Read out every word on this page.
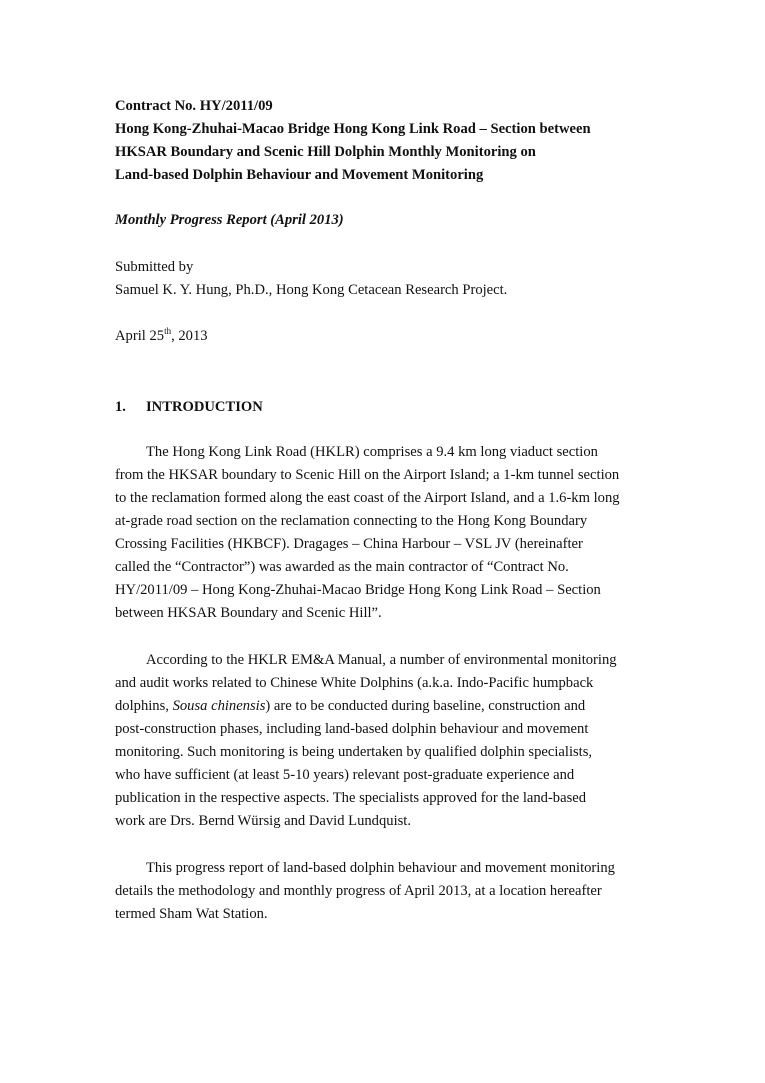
Contract No. HY/2011/09
Hong Kong-Zhuhai-Macao Bridge Hong Kong Link Road – Section between
HKSAR Boundary and Scenic Hill Dolphin Monthly Monitoring on
Land-based Dolphin Behaviour and Movement Monitoring
Monthly Progress Report (April 2013)
Submitted by
Samuel K. Y. Hung, Ph.D., Hong Kong Cetacean Research Project.
April 25th, 2013
1. INTRODUCTION
The Hong Kong Link Road (HKLR) comprises a 9.4 km long viaduct section
from the HKSAR boundary to Scenic Hill on the Airport Island; a 1-km tunnel section
to the reclamation formed along the east coast of the Airport Island, and a 1.6-km long
at-grade road section on the reclamation connecting to the Hong Kong Boundary
Crossing Facilities (HKBCF). Dragages – China Harbour – VSL JV (hereinafter
called the “Contractor”) was awarded as the main contractor of “Contract No.
HY/2011/09 – Hong Kong-Zhuhai-Macao Bridge Hong Kong Link Road – Section
between HKSAR Boundary and Scenic Hill”.
According to the HKLR EM&A Manual, a number of environmental monitoring
and audit works related to Chinese White Dolphins (a.k.a. Indo-Pacific humpback
dolphins, Sousa chinensis) are to be conducted during baseline, construction and
post-construction phases, including land-based dolphin behaviour and movement
monitoring. Such monitoring is being undertaken by qualified dolphin specialists,
who have sufficient (at least 5-10 years) relevant post-graduate experience and
publication in the respective aspects. The specialists approved for the land-based
work are Drs. Bernd Würsig and David Lundquist.
This progress report of land-based dolphin behaviour and movement monitoring
details the methodology and monthly progress of April 2013, at a location hereafter
termed Sham Wat Station.
